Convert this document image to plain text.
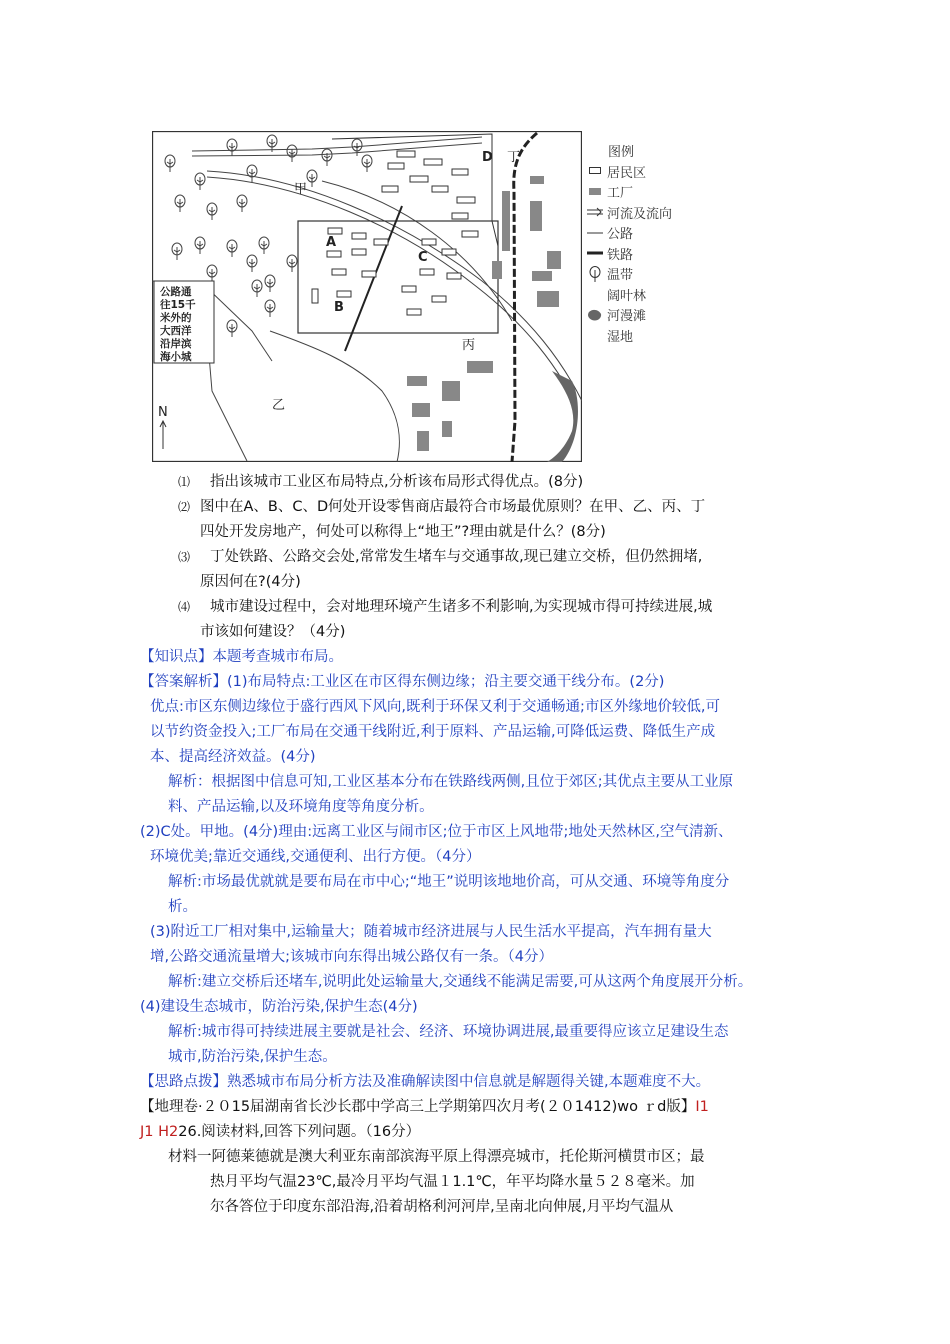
甲
乙
丙
丁
A
B
C
D
N
公路通
往15千
米外的
大西洋
沿岸滨
海小城
图例
居民区
工厂
河流及流向
公路
铁路
温带
阔叶林
河漫滩
湿地
⑴	指出该城市工业区布局特点,分析该布局形式得优点。(8分)
⑵ 图中在A、B、C、D何处开设零售商店最符合市场最优原则？在甲、乙、丙、丁
四处开发房地产，何处可以称得上“地王”?理由就是什么？(8分)
⑶	丁处铁路、公路交会处,常常发生堵车与交通事故,现已建立交桥，但仍然拥堵,
原因何在?(4分)
⑷	城市建设过程中，会对地理环境产生诸多不利影响,为实现城市得可持续进展,城
市该如何建设？（4分)
【知识点】本题考查城市布局。
【答案解析】(1)布局特点:工业区在市区得东侧边缘；沿主要交通干线分布。(2分)
优点:市区东侧边缘位于盛行西风下风向,既利于环保又利于交通畅通;市区外缘地价较低,可
以节约资金投入;工厂布局在交通干线附近,利于原料、产品运输,可降低运费、降低生产成
本、提高经济效益。(4分)
解析：根据图中信息可知,工业区基本分布在铁路线两侧,且位于郊区;其优点主要从工业原
料、产品运输,以及环境角度等角度分析。
(2)C处。甲地。(4分)理由:远离工业区与闹市区;位于市区上风地带;地处天然林区,空气清新、
环境优美;靠近交通线,交通便利、出行方便。（4分）
解析:市场最优就就是要布局在市中心;“地王”说明该地地价高，可从交通、环境等角度分
析。
(3)附近工厂相对集中,运输量大；随着城市经济进展与人民生活水平提高，汽车拥有量大
增,公路交通流量增大;该城市向东得出城公路仅有一条。（4分）
解析:建立交桥后还堵车,说明此处运输量大,交通线不能满足需要,可从这两个角度展开分析。
(4)建设生态城市，防治污染,保护生态(4分)
解析:城市得可持续进展主要就是社会、经济、环境协调进展,最重要得应该立足建设生态
城市,防治污染,保护生态。
【思路点拨】熟悉城市布局分析方法及准确解读图中信息就是解题得关键,本题难度不大。
【地理卷·２０15届湖南省长沙长郡中学高三上学期第四次月考(２０1412)wo ｒd版】I1
J1 H226.阅读材料,回答下列问题。（16分）
材料一阿德莱德就是澳大利亚东南部滨海平原上得漂亮城市，托伦斯河横贯市区；最
热月平均气温23℃,最冷月平均气温１1.1℃，年平均降水量５２８毫米。加
尔各答位于印度东部沿海,沿着胡格利河河岸,呈南北向伸展,月平均气温从
